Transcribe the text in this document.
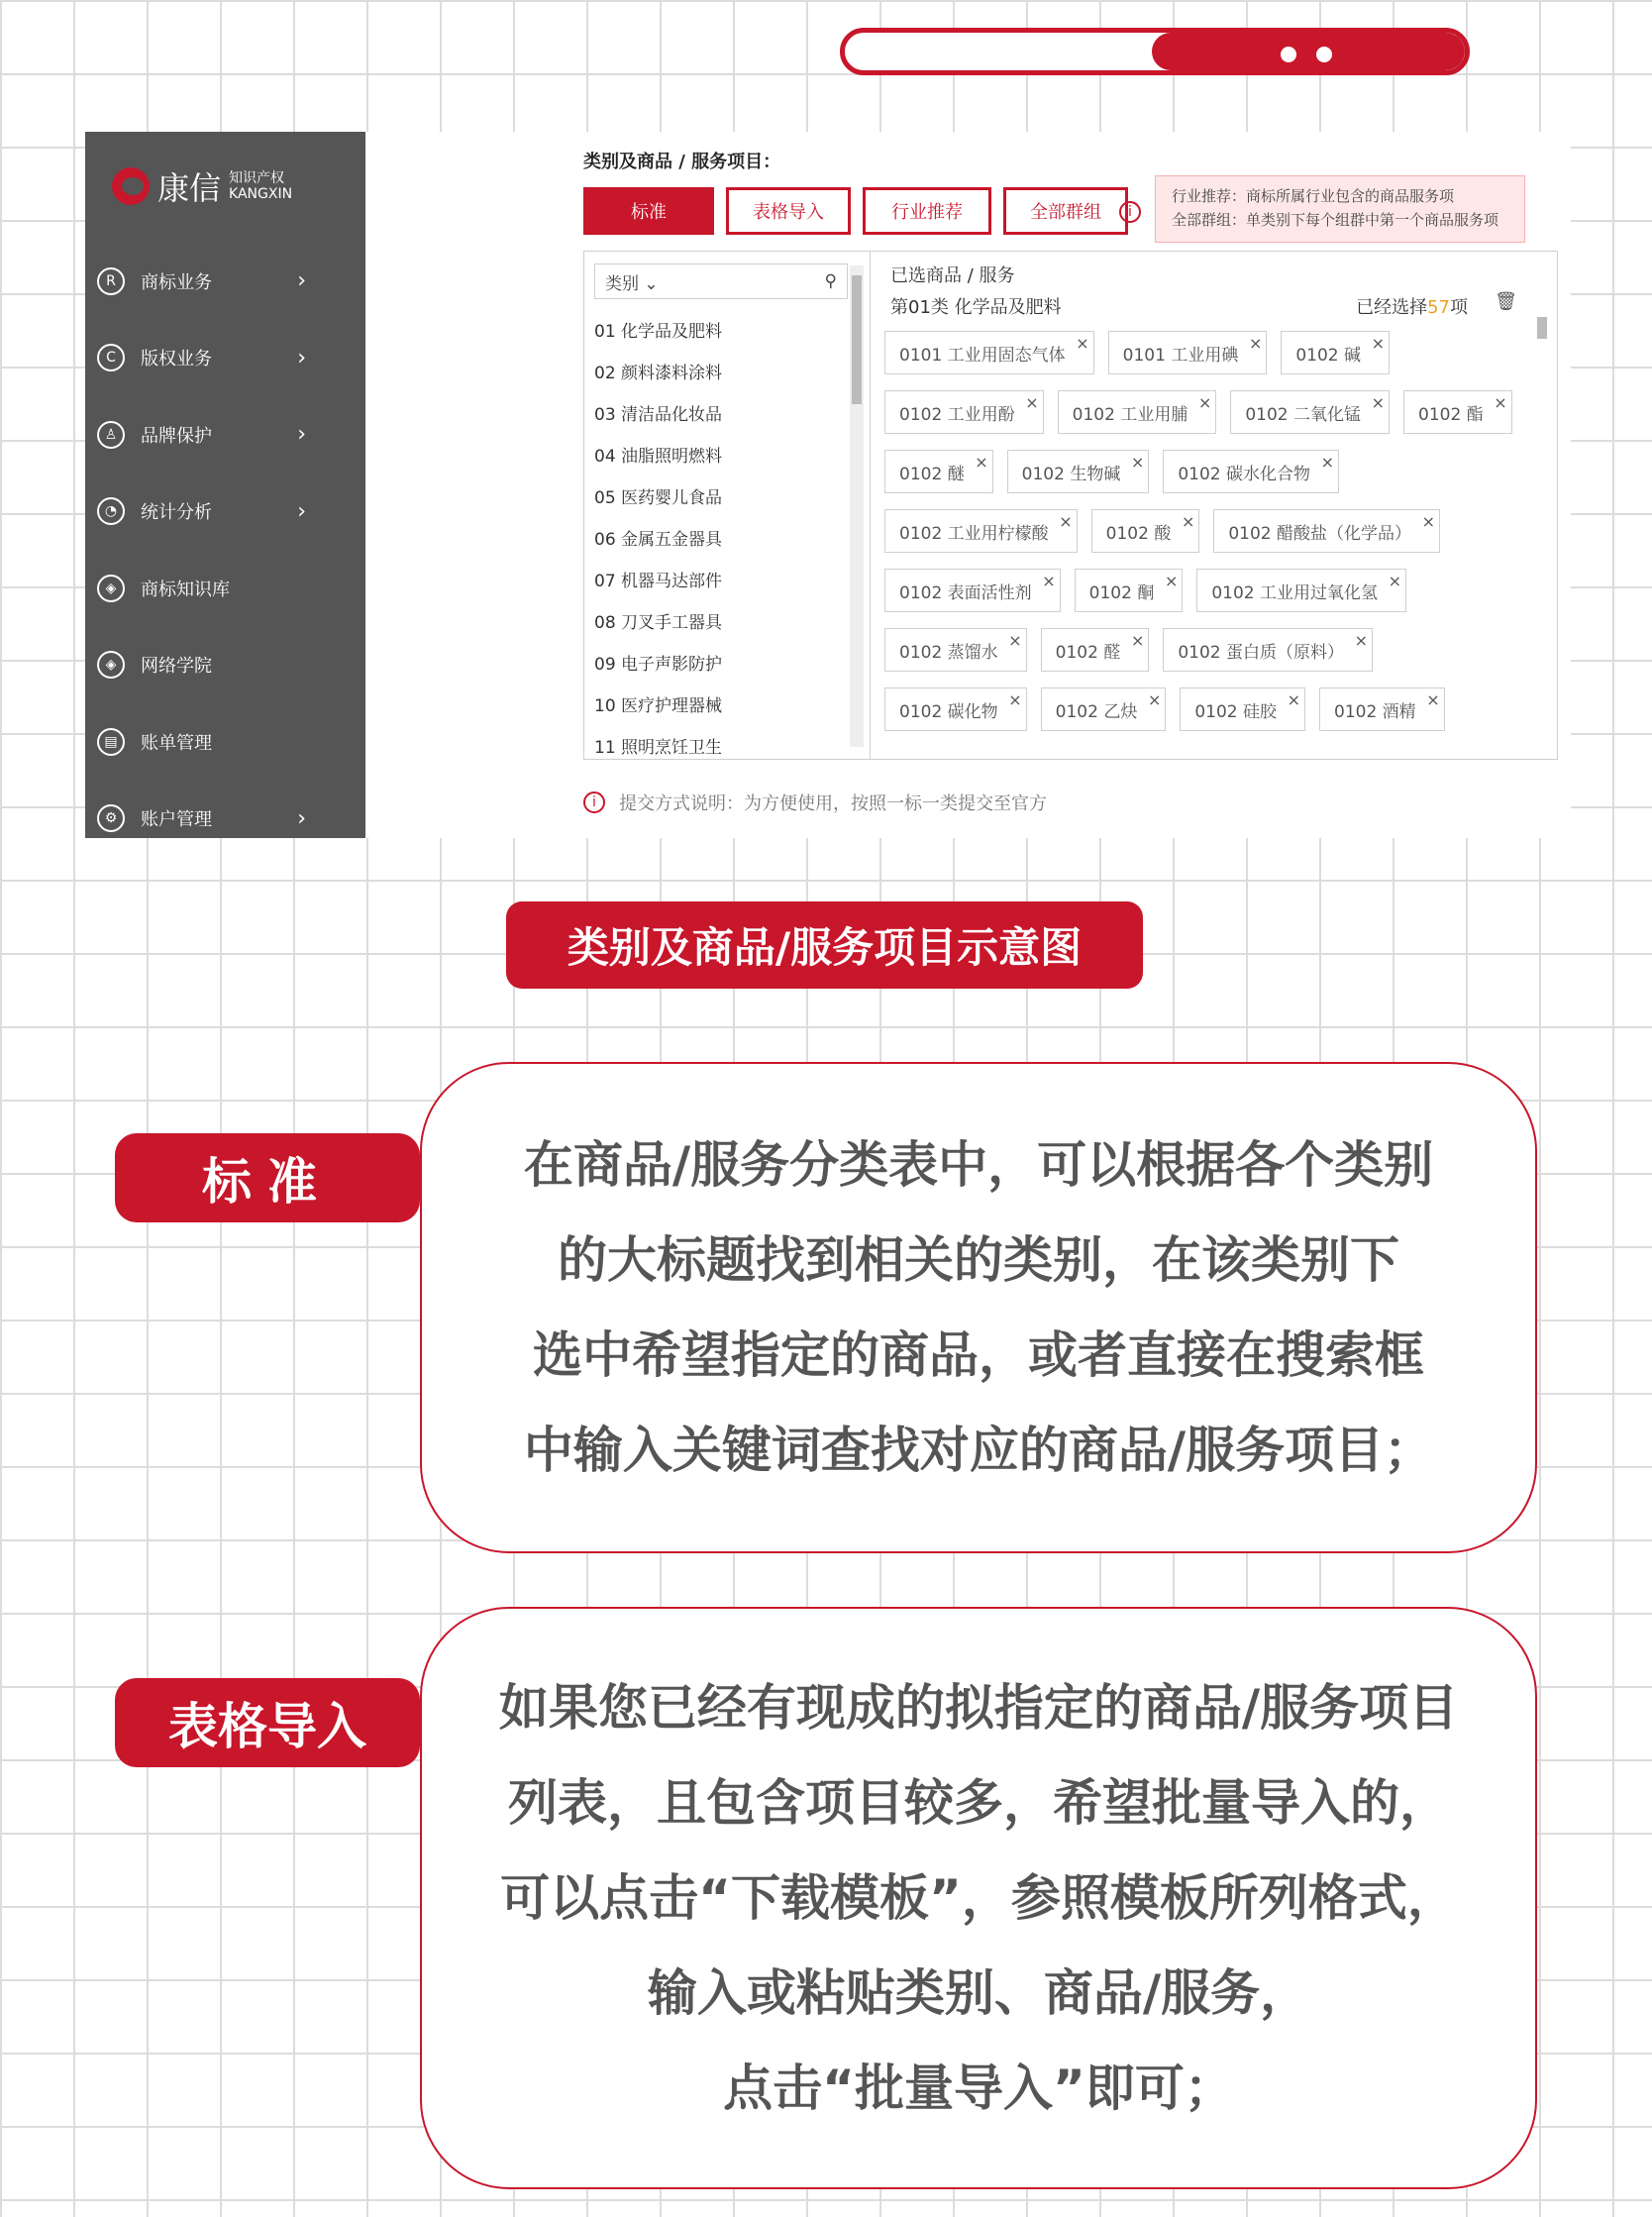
康信 知识产权
KANGXIN
R	商标业务	›
C	版权业务	›
♙	品牌保护	›
◔	统计分析	›
◈	商标知识库
◈	网络学院
▤	账单管理
⚙	账户管理	›
类别及商品 / 服务项目：
标准	表格导入	行业推荐	全部群组	i
行业推荐：商标所属行业包含的商品服务项
全部群组：单类别下每个组群中第一个商品服务项
类别 ⌄	⚲
01 化学品及肥料
02 颜料漆料涂料
03 清洁品化妆品
04 油脂照明燃料
05 医药婴儿食品
06 金属五金器具
07 机器马达部件
08 刀叉手工器具
09 电子声影防护
10 医疗护理器械
11 照明烹饪卫生
已选商品 / 服务
第01类 化学品及肥料	已经选择57项 🗑
0101 工业用固态气体
×
0101 工业用碘
×
0102 碱
×
0102 工业用酚
×
0102 工业用脯
×
0102 二氧化锰
×
0102 酯
×
0102 醚
×
0102 生物碱
×
0102 碳水化合物
×
0102 工业用柠檬酸
×
0102 酸
×
0102 醋酸盐（化学品）
×
0102 表面活性剂
×
0102 酮
×
0102 工业用过氧化氢
×
0102 蒸馏水
×
0102 醛
×
0102 蛋白质（原料）
×
0102 碳化物
×
0102 乙炔
×
0102 硅胶
×
0102 酒精
×
i	提交方式说明：为方便使用，按照一标一类提交至官方
类别及商品/服务项目示意图

在商品/服务分类表中，可以根据各个类别

的大标题找到相关的类别，在该类别下

选中希望指定的商品，或者直接在搜索框

中输入关键词查找对应的商品/服务项目；

标准

如果您已经有现成的拟指定的商品/服务项目

列表，且包含项目较多，希望批量导入的，

可以点击“下载模板”，参照模板所列格式，

输入或粘贴类别、商品/服务，

点击“批量导入”即可；

表格导入
